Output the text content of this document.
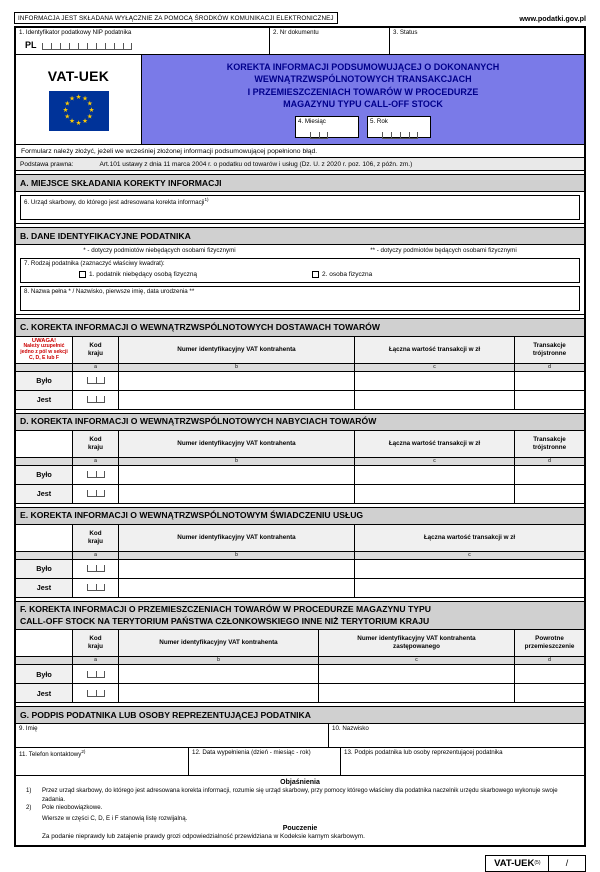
INFORMACJA JEST SKŁADANA WYŁĄCZNIE ZA POMOCĄ ŚRODKÓW KOMUNIKACJI ELEKTRONICZNEJ	www.podatki.gov.pl
1. Identyfikator podatkowy NIP podatnika
PL
2. Nr dokumentu	3. Status
VAT-UEK
★ ★
★
★
★
★
★
★
★
★
★
★
KOREKTA INFORMACJI PODSUMOWUJĄCEJ O DOKONANYCH
WEWNĄTRZWSPÓLNOTOWYCH TRANSAKCJACH
I PRZEMIESZCZENIACH TOWARÓW W PROCEDURZE
MAGAZYNU TYPU CALL-OFF STOCK
4. Miesiąc	5. Rok
Formularz należy złożyć, jeżeli we wcześniej złożonej informacji podsumowującej popełniono błąd.
Podstawa prawna:	Art.101 ustawy z dnia 11 marca 2004 r. o podatku od towarów i usług (Dz. U. z 2020 r. poz. 106, z późn. zm.)
A. MIEJSCE SKŁADANIA KOREKTY INFORMACJI
6. Urząd skarbowy, do którego jest adresowana korekta informacji$^{1)}$
B. DANE IDENTYFIKACYJNE PODATNIKA
* - dotyczy podmiotów niebędących osobami fizycznymi	** - dotyczy podmiotów będących osobami fizycznymi
7. Rodzaj podatnika (zaznaczyć właściwy kwadrat):
1. podatnik niebędący osobą fizyczną	2. osoba fizyczna
8. Nazwa pełna * / Nazwisko, pierwsze imię, data urodzenia **
C. KOREKTA INFORMACJI O WEWNĄTRZWSPÓLNOTOWYCH DOSTAWACH TOWARÓW
UWAGA!
Należy uzupełnić jedno z pól w sekcji C, D, E lub F
Kod kraju
Numer identyfikacyjny VAT kontrahenta	Łączna wartość transakcji w zł
Transakcje trójstronne
a	b	c	d
Było
Jest
D. KOREKTA INFORMACJI O WEWNĄTRZWSPÓLNOTOWYCH NABYCIACH TOWARÓW
Kod kraju
Numer identyfikacyjny VAT kontrahenta	Łączna wartość transakcji w zł
Transakcje trójstronne
a	b	c	d
Było
Jest
E. KOREKTA INFORMACJI O WEWNĄTRZWSPÓLNOTOWYM ŚWIADCZENIU USŁUG
Kod kraju
Numer identyfikacyjny VAT kontrahenta	Łączna wartość transakcji w zł
a	b	c
Było
Jest
F. KOREKTA INFORMACJI O PRZEMIESZCZENIACH TOWARÓW W PROCEDURZE MAGAZYNU TYPU CALL-OFF STOCK NA TERYTORIUM PAŃSTWA CZŁONKOWSKIEGO INNE NIŻ TERYTORIUM KRAJU
Kod kraju
Numer identyfikacyjny VAT kontrahenta
Numer identyfikacyjny VAT kontrahenta zastępowanego
Powrotne przemieszczenie
a	b	c	d
Było
Jest
G. PODPIS PODATNIKA LUB OSOBY REPREZENTUJĄCEJ PODATNIKA
9. Imię	10. Nazwisko
11. Telefon kontaktowy$^{2)}$	12. Data wypełnienia (dzień - miesiąc - rok)	13. Podpis podatnika lub osoby reprezentującej podatnika
Objaśnienia
1)	Przez urząd skarbowy, do którego jest adresowana korekta informacji, rozumie się urząd skarbowy, przy pomocy którego właściwy dla podatnika naczelnik urzędu skarbowego wykonuje swoje zadania.
2)	Pole nieobowiązkowe.
Wiersze w części C, D, E i F stanowią listę rozwijalną.
Pouczenie
Za podanie nieprawdy lub zatajenie prawdy grozi odpowiedzialność przewidziana w Kodeksie karnym skarbowym.
VAT-UEK (5)	/
